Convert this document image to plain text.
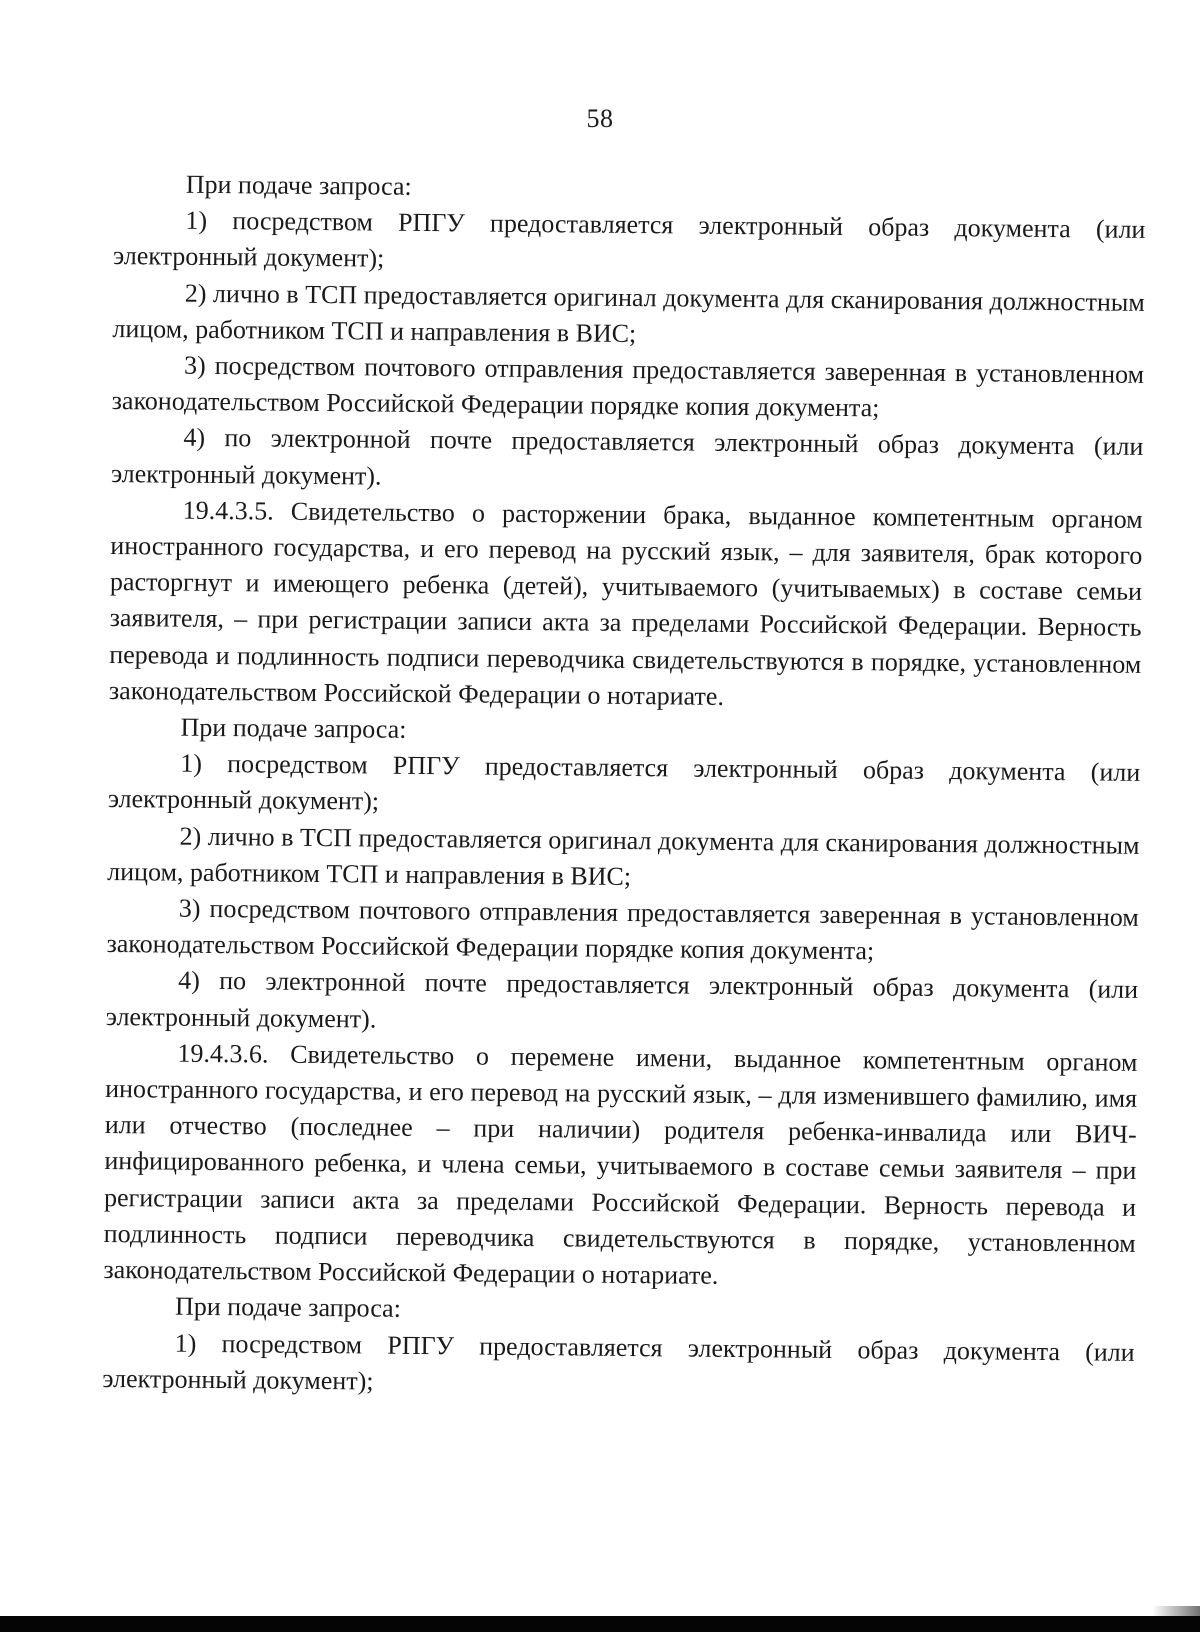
58

При подаче запроса:

1) посредством РПГУ предоставляется электронный образ документа (или электронный документ);

2) лично в ТСП предоставляется оригинал документа для сканирования должностным лицом, работником ТСП и направления в ВИС;

3) посредством почтового отправления предоставляется заверенная в установленном законодательством Российской Федерации порядке копия документа;

4) по электронной почте предоставляется электронный образ документа (или электронный документ).

19.4.3.5. Свидетельство о расторжении брака, выданное компетентным органом иностранного государства, и его перевод на русский язык, – для заявителя, брак которого расторгнут и имеющего ребенка (детей), учитываемого (учитываемых) в составе семьи заявителя, – при регистрации записи акта за пределами Российской Федерации. Верность перевода и подлинность подписи переводчика свидетельствуются в порядке, установленном законодательством Российской Федерации о нотариате.

При подаче запроса:

1) посредством РПГУ предоставляется электронный образ документа (или электронный документ);

2) лично в ТСП предоставляется оригинал документа для сканирования должностным лицом, работником ТСП и направления в ВИС;

3) посредством почтового отправления предоставляется заверенная в установленном законодательством Российской Федерации порядке копия документа;

4) по электронной почте предоставляется электронный образ документа (или электронный документ).

19.4.3.6. Свидетельство о перемене имени, выданное компетентным органом иностранного государства, и его перевод на русский язык, – для изменившего фамилию, имя или отчество (последнее – при наличии) родителя ребенка-инвалида или ВИЧ-инфицированного ребенка, и члена семьи, учитываемого в составе семьи заявителя – при регистрации записи акта за пределами Российской Федерации. Верность перевода и подлинность подписи переводчика свидетельствуются в порядке, установленном законодательством Российской Федерации о нотариате.

При подаче запроса:

1) посредством РПГУ предоставляется электронный образ документа (или электронный документ);
